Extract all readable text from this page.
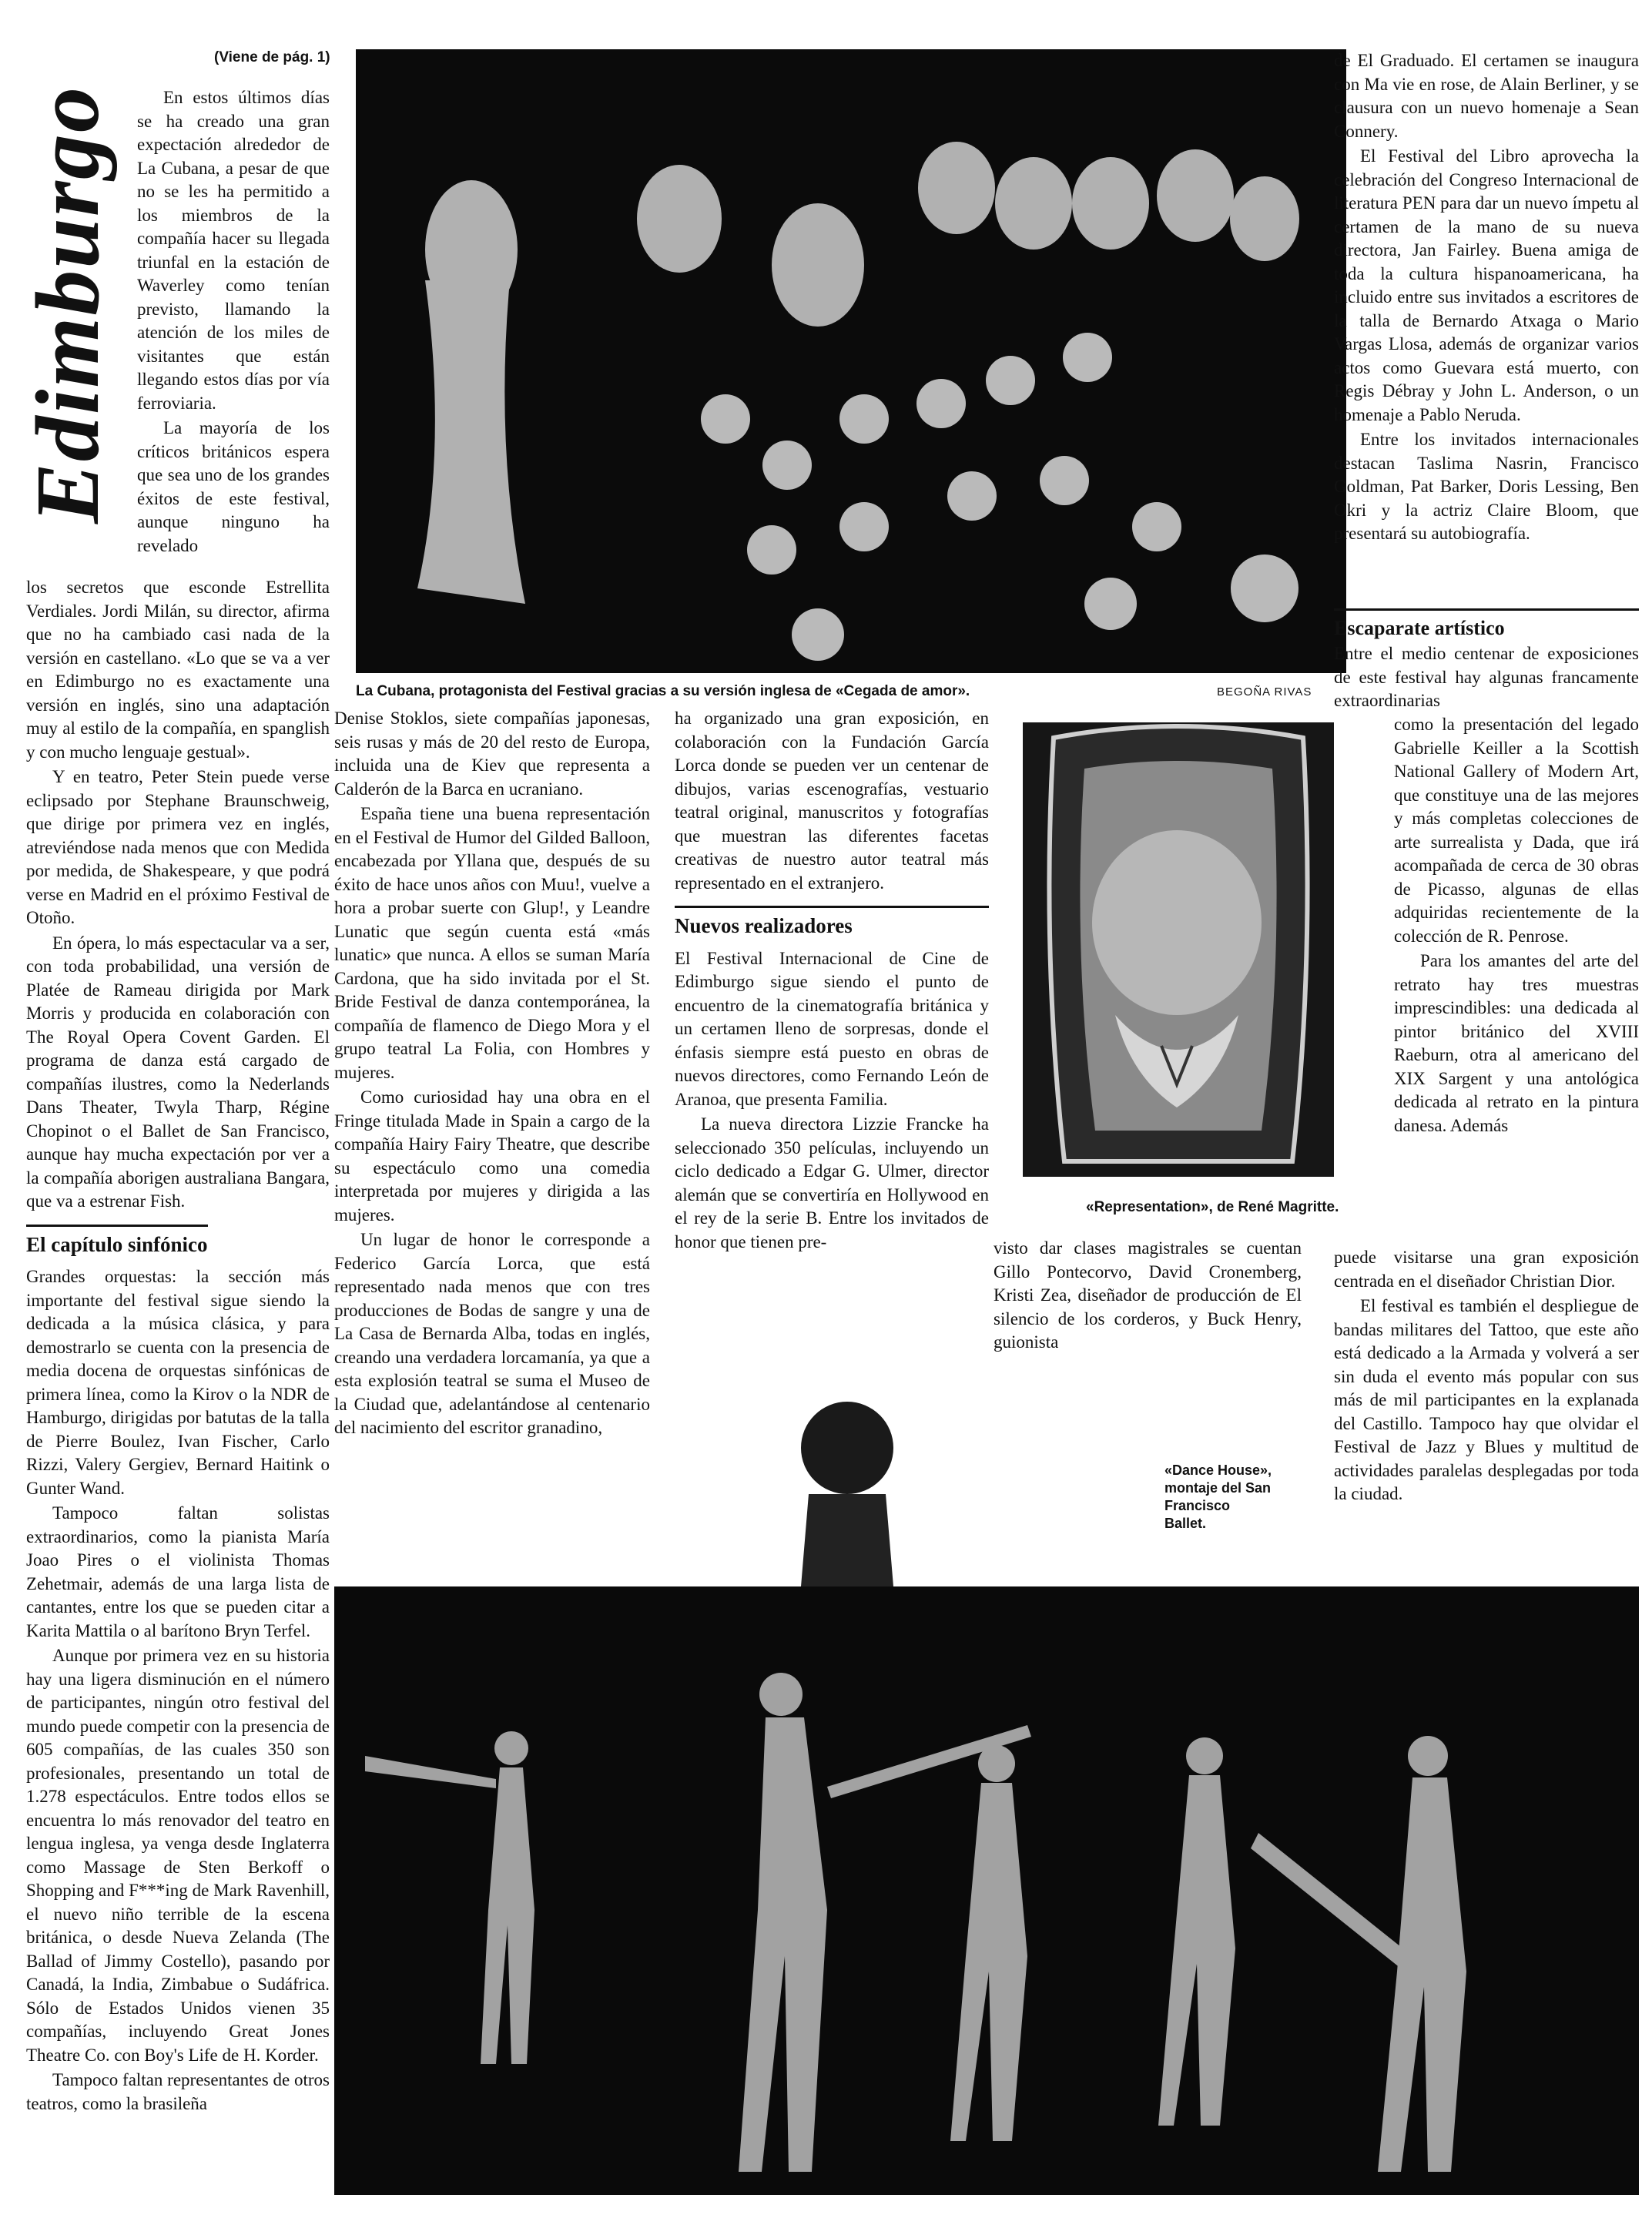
(Viene de pág. 1)
Edimburgo	En estos últimos días se ha creado una gran expectación alrededor de La Cubana, a pesar de que no se les ha permitido a los miembros de la compañía hacer su llegada triunfal en la estación de Waverley como tenían previsto, llamando la atención de los miles de visitantes que están llegando estos días por vía ferroviaria.

La mayoría de los críticos británicos espera que sea uno de los grandes éxitos de este festival, aunque ninguno ha revelado

los secretos que esconde Estrellita Verdiales. Jordi Milán, su director, afirma que no ha cambiado casi nada de la versión en castellano. «Lo que se va a ver en Edimburgo no es exactamente una versión en inglés, sino una adaptación muy al estilo de la compañía, en spanglish y con mucho lenguaje gestual».

Y en teatro, Peter Stein puede verse eclipsado por Stephane Braunschweig, que dirige por primera vez en inglés, atreviéndose nada menos que con Medida por medida, de Shakespeare, y que podrá verse en Madrid en el próximo Festival de Otoño.

En ópera, lo más espectacular va a ser, con toda probabilidad, una versión de Platée de Rameau dirigida por Mark Morris y producida en colaboración con The Royal Opera Covent Garden. El programa de danza está cargado de compañías ilustres, como la Nederlands Dans Theater, Twyla Tharp, Régine Chopinot o el Ballet de San Francisco, aunque hay mucha expectación por ver a la compañía aborigen australiana Bangara, que va a estrenar Fish.

El capítulo sinfónico

Grandes orquestas: la sección más importante del festival sigue siendo la dedicada a la música clásica, y para demostrarlo se cuenta con la presencia de media docena de orquestas sinfónicas de primera línea, como la Kirov o la NDR de Hamburgo, dirigidas por batutas de la talla de Pierre Boulez, Ivan Fischer, Carlo Rizzi, Valery Gergiev, Bernard Haitink o Gunter Wand.

Tampoco faltan solistas extraordinarios, como la pianista María Joao Pires o el violinista Thomas Zehetmair, además de una larga lista de cantantes, entre los que se pueden citar a Karita Mattila o al barítono Bryn Terfel.

Aunque por primera vez en su historia hay una ligera disminución en el número de participantes, ningún otro festival del mundo puede competir con la presencia de 605 compañías, de las cuales 350 son profesionales, presentando un total de 1.278 espectáculos. Entre todos ellos se encuentra lo más renovador del teatro en lengua inglesa, ya venga desde Inglaterra como Massage de Sten Berkoff o Shopping and F***ing de Mark Ravenhill, el nuevo niño terrible de la escena británica, o desde Nueva Zelanda (The Ballad of Jimmy Costello), pasando por Canadá, la India, Zimbabue o Sudáfrica. Sólo de Estados Unidos vienen 35 compañías, incluyendo Great Jones Theatre Co. con Boy's Life de H. Korder.

Tampoco faltan representantes de otros teatros, como la brasileña

La Cubana, protagonista del Festival gracias a su versión inglesa de «Cegada de amor».	BEGOÑA RIVAS

Denise Stoklos, siete compañías japonesas, seis rusas y más de 20 del resto de Europa, incluida una de Kiev que representa a Calderón de la Barca en ucraniano.

España tiene una buena representación en el Festival de Humor del Gilded Balloon, encabezada por Yllana que, después de su éxito de hace unos años con Muu!, vuelve a hora a probar suerte con Glup!, y Leandre Lunatic que según cuenta está «más lunatic» que nunca. A ellos se suman María Cardona, que ha sido invitada por el St. Bride Festival de danza contemporánea, la compañía de flamenco de Diego Mora y el grupo teatral La Folia, con Hombres y mujeres.

Como curiosidad hay una obra en el Fringe titulada Made in Spain a cargo de la compañía Hairy Fairy Theatre, que describe su espectáculo como una comedia interpretada por mujeres y dirigida a las mujeres.

Un lugar de honor le corresponde a Federico García Lorca, que está representado nada menos que con tres producciones de Bodas de sangre y una de La Casa de Bernarda Alba, todas en inglés, creando una verdadera lorcamanía, ya que a esta explosión teatral se suma el Museo de la Ciudad que, adelantándose al centenario del nacimiento del escritor granadino,

ha organizado una gran exposición, en colaboración con la Fundación García Lorca donde se pueden ver un centenar de dibujos, varias escenografías, vestuario teatral original, manuscritos y fotografías que muestran las diferentes facetas creativas de nuestro autor teatral más representado en el extranjero.

Nuevos realizadores

El Festival Internacional de Cine de Edimburgo sigue siendo el punto de encuentro de la cinematografía británica y un certamen lleno de sorpresas, donde el énfasis siempre está puesto en obras de nuevos directores, como Fernando León de Aranoa, que presenta Familia.

La nueva directora Lizzie Francke ha seleccionado 350 películas, incluyendo un ciclo dedicado a Edgar G. Ulmer, director alemán que se convertiría en Hollywood en el rey de la serie B. Entre los invitados de honor que tienen pre-

«Representation», de René Magritte.

visto dar clases magistrales se cuentan Gillo Pontecorvo, David Cronemberg, Kristi Zea, diseñador de producción de El silencio de los corderos, y Buck Henry, guionista

de El Graduado. El certamen se inaugura con Ma vie en rose, de Alain Berliner, y se clausura con un nuevo homenaje a Sean Connery.

El Festival del Libro aprovecha la celebración del Congreso Internacional de literatura PEN para dar un nuevo ímpetu al certamen de la mano de su nueva directora, Jan Fairley. Buena amiga de toda la cultura hispanoamericana, ha incluido entre sus invitados a escritores de la talla de Bernardo Atxaga o Mario Vargas Llosa, además de organizar varios actos como Guevara está muerto, con Regis Débray y John L. Anderson, o un homenaje a Pablo Neruda.

Entre los invitados internacionales destacan Taslima Nasrin, Francisco Goldman, Pat Barker, Doris Lessing, Ben Okri y la actriz Claire Bloom, que presentará su autobiografía.

Escaparate artístico

Entre el medio centenar de exposiciones de este festival hay algunas francamente extraordinarias

como la presentación del legado Gabrielle Keiller a la Scottish National Gallery of Modern Art, que constituye una de las mejores y más completas colecciones de arte surrealista y Dada, que irá acompañada de cerca de 30 obras de Picasso, algunas de ellas adquiridas recientemente de la colección de R. Penrose.

Para los amantes del arte del retrato hay tres muestras imprescindibles: una dedicada al pintor británico del XVIII Raeburn, otra al americano del XIX Sargent y una antológica dedicada al retrato en la pintura danesa. Además

puede visitarse una gran exposición centrada en el diseñador Christian Dior.

El festival es también el despliegue de bandas militares del Tattoo, que este año está dedicado a la Armada y volverá a ser sin duda el evento más popular con sus más de mil participantes en la explanada del Castillo. Tampoco hay que olvidar el Festival de Jazz y Blues y multitud de actividades paralelas desplegadas por toda la ciudad.

«Dance House», montaje del San Francisco Ballet.
